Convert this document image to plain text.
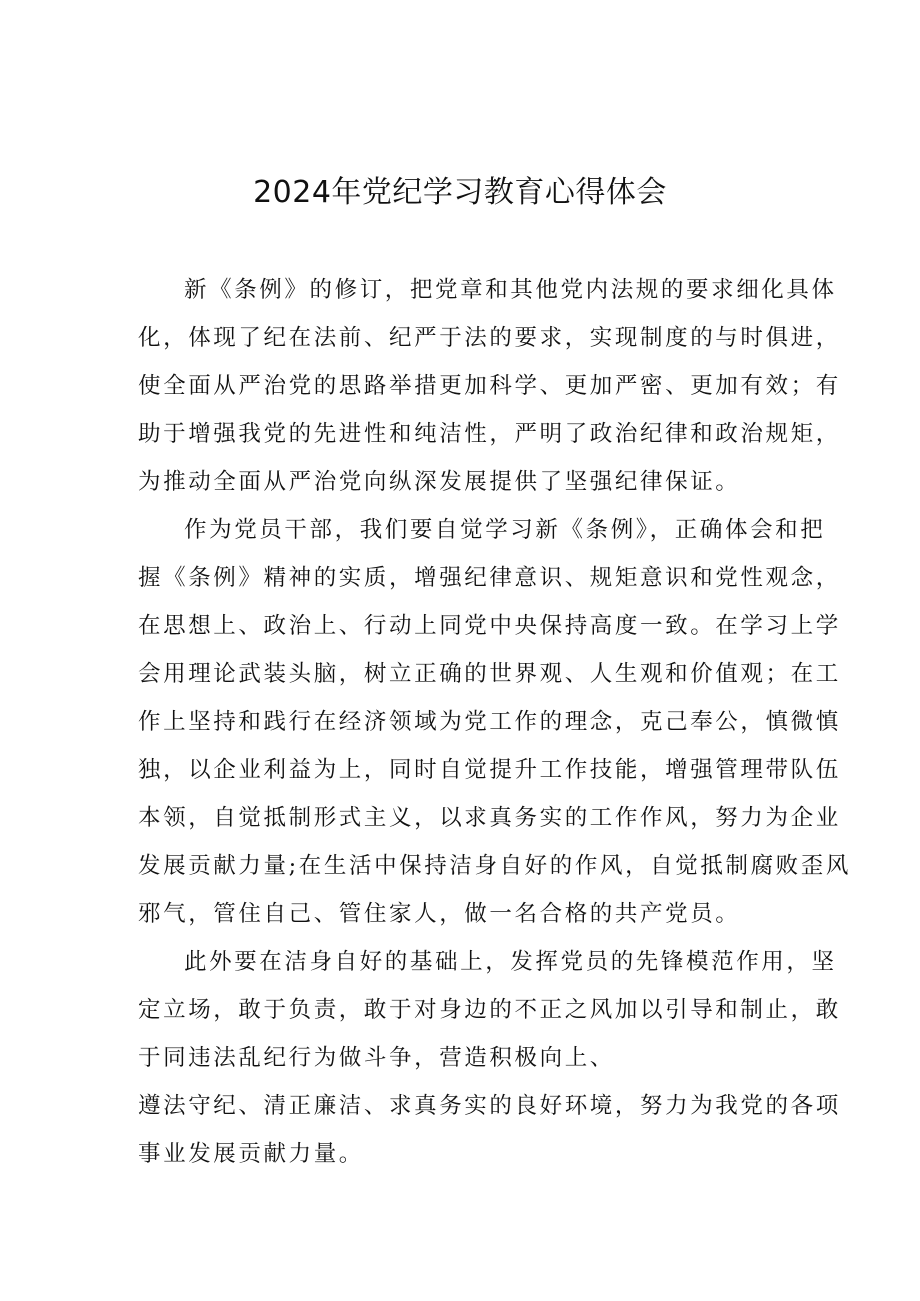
2024年党纪学习教育心得体会
新《条例》的修订，把党章和其他党内法规的要求细化具体
化，体现了纪在法前、纪严于法的要求，实现制度的与时俱进，
使全面从严治党的思路举措更加科学、更加严密、更加有效；有
助于增强我党的先进性和纯洁性，严明了政治纪律和政治规矩，
为推动全面从严治党向纵深发展提供了坚强纪律保证。
作为党员干部，我们要自觉学习新《条例》，正确体会和把
握《条例》精神的实质，增强纪律意识、规矩意识和党性观念，
在思想上、政治上、行动上同党中央保持高度一致。在学习上学
会用理论武装头脑，树立正确的世界观、人生观和价值观；在工
作上坚持和践行在经济领域为党工作的理念，克己奉公，慎微慎
独，以企业利益为上，同时自觉提升工作技能，增强管理带队伍
本领，自觉抵制形式主义，以求真务实的工作作风，努力为企业
发展贡献力量;在生活中保持洁身自好的作风，自觉抵制腐败歪风
邪气，管住自己、管住家人，做一名合格的共产党员。
此外要在洁身自好的基础上，发挥党员的先锋模范作用，坚
定立场，敢于负责，敢于对身边的不正之风加以引导和制止，敢
于同违法乱纪行为做斗争，营造积极向上、
遵法守纪、清正廉洁、求真务实的良好环境，努力为我党的各项
事业发展贡献力量。
